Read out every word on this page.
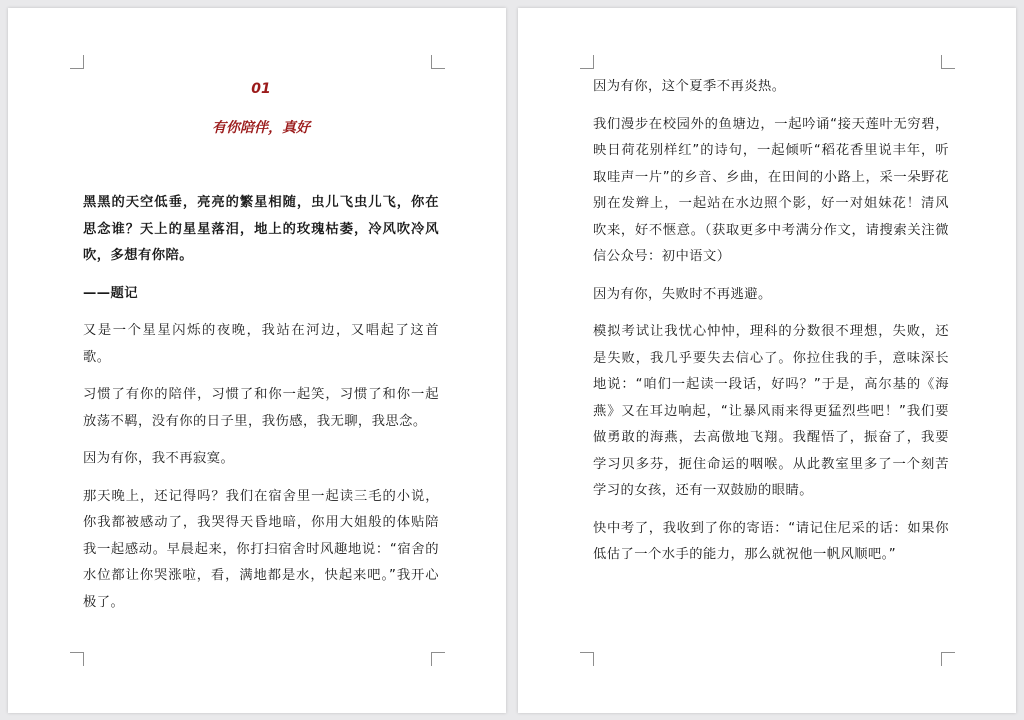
01
有你陪伴，真好

黑黑的天空低垂，亮亮的繁星相随，虫儿飞虫儿飞，你在思念谁？天上的星星落泪，地上的玫瑰枯萎，冷风吹冷风吹，多想有你陪。

——题记

又是一个星星闪烁的夜晚，我站在河边，又唱起了这首歌。

习惯了有你的陪伴，习惯了和你一起笑，习惯了和你一起放荡不羁，没有你的日子里，我伤感，我无聊，我思念。

因为有你，我不再寂寞。

那天晚上，还记得吗？我们在宿舍里一起读三毛的小说，你我都被感动了，我哭得天昏地暗，你用大姐般的体贴陪我一起感动。早晨起来，你打扫宿舍时风趣地说：“宿舍的水位都让你哭涨啦，看，满地都是水，快起来吧。”我开心极了。

因为有你，这个夏季不再炎热。

我们漫步在校园外的鱼塘边，一起吟诵“接天莲叶无穷碧，映日荷花别样红”的诗句，一起倾听“稻花香里说丰年，听取哇声一片”的乡音、乡曲，在田间的小路上，采一朵野花别在发辫上，一起站在水边照个影，好一对姐妹花！清风吹来，好不惬意。（获取更多中考满分作文，请搜索关注微信公众号：初中语文）

因为有你，失败时不再逃避。

模拟考试让我忧心忡忡，理科的分数很不理想，失败，还是失败，我几乎要失去信心了。你拉住我的手，意味深长地说：“咱们一起读一段话，好吗？”于是，高尔基的《海燕》又在耳边响起，“让暴风雨来得更猛烈些吧！”我们要做勇敢的海燕，去高傲地飞翔。我醒悟了，振奋了，我要学习贝多芬，扼住命运的咽喉。从此教室里多了一个刻苦学习的女孩，还有一双鼓励的眼睛。

快中考了，我收到了你的寄语：“请记住尼采的话：如果你低估了一个水手的能力，那么就祝他一帆风顺吧。”
